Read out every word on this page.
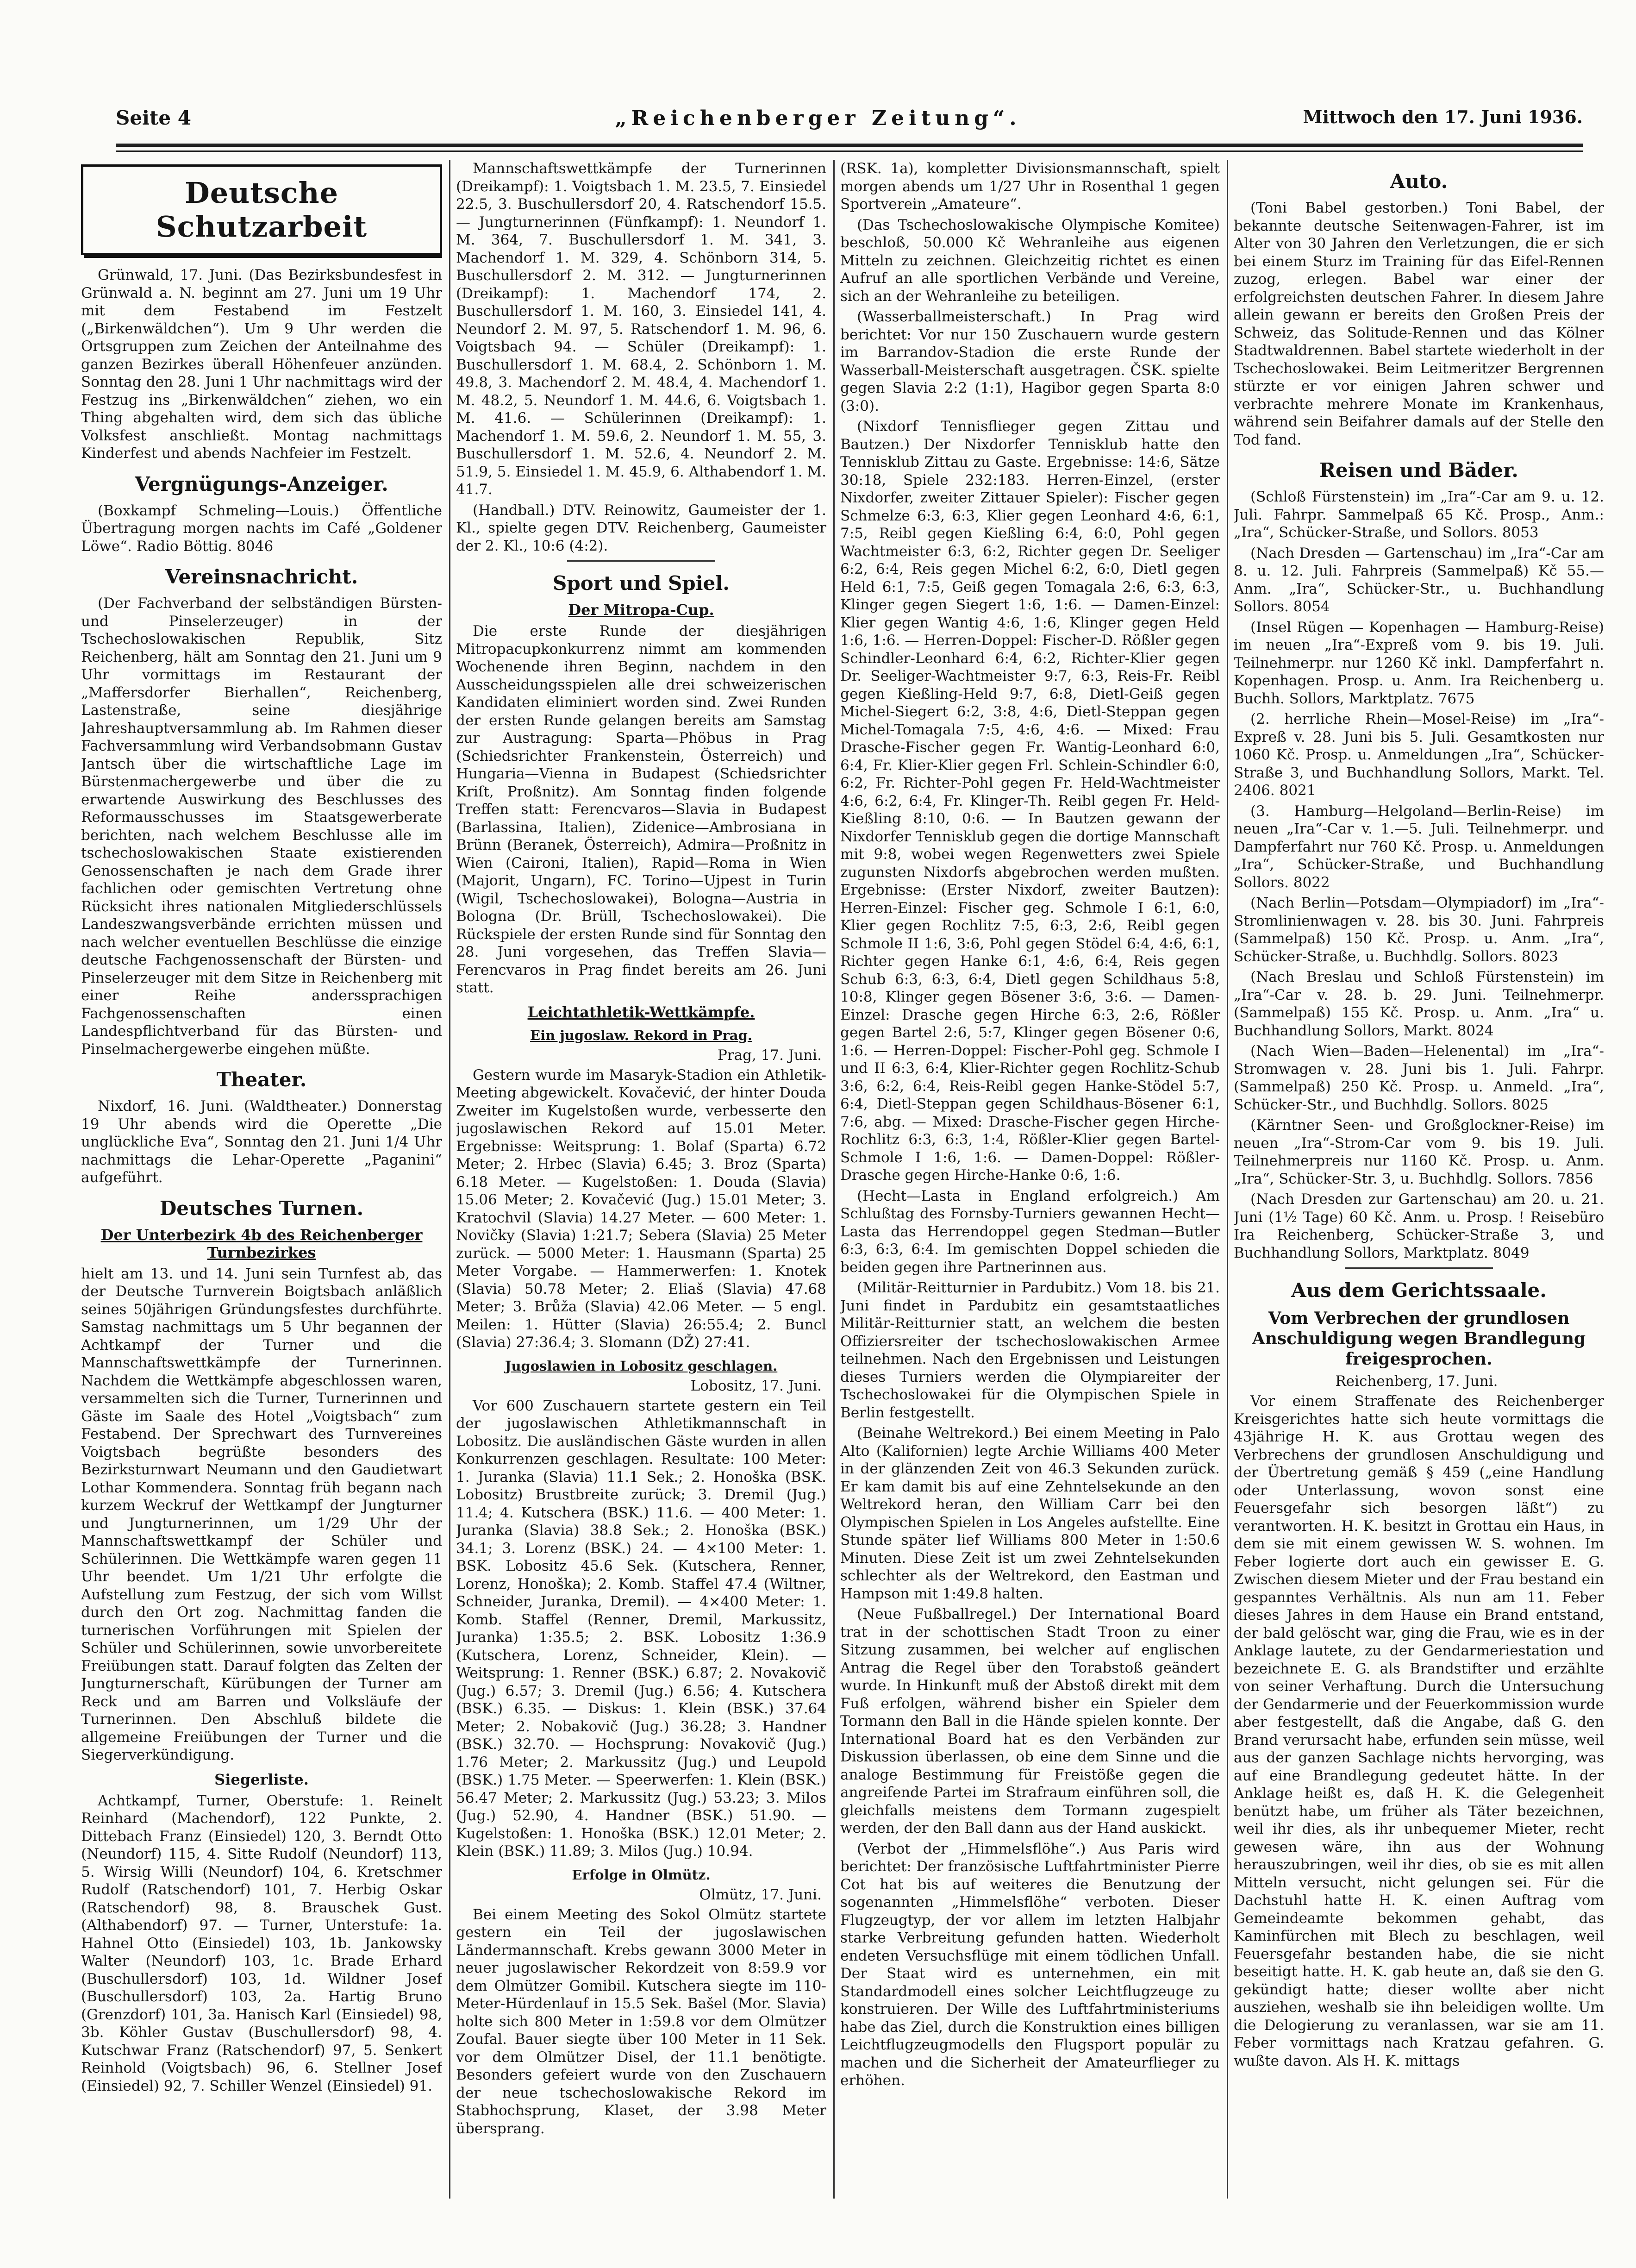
Seite 4	„Reichenberger Zeitung“.	Mittwoch den 17. Juni 1936.
Deutsche Schutzarbeit

Grünwald, 17. Juni. (Das Bezirksbundesfest in Grünwald a. N. beginnt am 27. Juni um 19 Uhr mit dem Festabend im Festzelt („Birkenwäldchen“). Um 9 Uhr werden die Ortsgruppen zum Zeichen der Anteilnahme des ganzen Bezirkes überall Höhenfeuer anzünden. Sonntag den 28. Juni 1 Uhr nachmittags wird der Festzug ins „Birkenwäldchen“ ziehen, wo ein Thing abgehalten wird, dem sich das übliche Volksfest anschließt. Montag nachmittags Kinderfest und abends Nachfeier im Festzelt.

Vergnügungs-Anzeiger.

(Boxkampf Schmeling—Louis.) Öffentliche Übertragung morgen nachts im Café „Goldener Löwe“. Radio Böttig. 8046

Vereinsnachricht.

(Der Fachverband der selbständigen Bürsten- und Pinselerzeuger) in der Tschechoslowakischen Republik, Sitz Reichenberg, hält am Sonntag den 21. Juni um 9 Uhr vormittags im Restaurant der „Maffersdorfer Bierhallen“, Reichenberg, Lastenstraße, seine diesjährige Jahreshauptversammlung ab. Im Rahmen dieser Fachversammlung wird Verbandsobmann Gustav Jantsch über die wirtschaftliche Lage im Bürstenmachergewerbe und über die zu erwartende Auswirkung des Beschlusses des Reformausschusses im Staatsgewerberate berichten, nach welchem Beschlusse alle im tschechoslowakischen Staate existierenden Genossenschaften je nach dem Grade ihrer fachlichen oder gemischten Vertretung ohne Rücksicht ihres nationalen Mitgliederschlüssels Landeszwangsverbände errichten müssen und nach welcher eventuellen Beschlüsse die einzige deutsche Fachgenossenschaft der Bürsten- und Pinselerzeuger mit dem Sitze in Reichenberg mit einer Reihe anderssprachigen Fachgenossenschaften einen Landespflichtverband für das Bürsten- und Pinselmachergewerbe eingehen müßte.

Theater.

Nixdorf, 16. Juni. (Waldtheater.) Donnerstag 19 Uhr abends wird die Operette „Die unglückliche Eva“, Sonntag den 21. Juni 1/4 Uhr nachmittags die Lehar-Operette „Paganini“ aufgeführt.

Deutsches Turnen.
Der Unterbezirk 4b des Reichenberger Turnbezirkes

hielt am 13. und 14. Juni sein Turnfest ab, das der Deutsche Turnverein Boigtsbach anläßlich seines 50jährigen Gründungsfestes durchführte. Samstag nachmittags um 5 Uhr begannen der Achtkampf der Turner und die Mannschaftswettkämpfe der Turnerinnen. Nachdem die Wettkämpfe abgeschlossen waren, versammelten sich die Turner, Turnerinnen und Gäste im Saale des Hotel „Voigtsbach“ zum Festabend. Der Sprechwart des Turnvereines Voigtsbach begrüßte besonders des Bezirksturnwart Neumann und den Gaudietwart Lothar Kommendera. Sonntag früh begann nach kurzem Weckruf der Wettkampf der Jungturner und Jungturnerinnen, um 1/29 Uhr der Mannschaftswettkampf der Schüler und Schülerinnen. Die Wettkämpfe waren gegen 11 Uhr beendet. Um 1/21 Uhr erfolgte die Aufstellung zum Festzug, der sich vom Willst durch den Ort zog. Nachmittag fanden die turnerischen Vorführungen mit Spielen der Schüler und Schülerinnen, sowie unvorbereitete Freiübungen statt. Darauf folgten das Zelten der Jungturnerschaft, Kürübungen der Turner am Reck und am Barren und Volksläufe der Turnerinnen. Den Abschluß bildete die allgemeine Freiübungen der Turner und die Siegerverkündigung.

Siegerliste.

Achtkampf, Turner, Oberstufe: 1. Reinelt Reinhard (Machendorf), 122 Punkte, 2. Dittebach Franz (Einsiedel) 120, 3. Berndt Otto (Neundorf) 115, 4. Sitte Rudolf (Neundorf) 113, 5. Wirsig Willi (Neundorf) 104, 6. Kretschmer Rudolf (Ratschendorf) 101, 7. Herbig Oskar (Ratschendorf) 98, 8. Brauschek Gust. (Althabendorf) 97. — Turner, Unterstufe: 1a. Hahnel Otto (Einsiedel) 103, 1b. Jankowsky Walter (Neundorf) 103, 1c. Brade Erhard (Buschullersdorf) 103, 1d. Wildner Josef (Buschullersdorf) 103, 2a. Hartig Bruno (Grenzdorf) 101, 3a. Hanisch Karl (Einsiedel) 98, 3b. Köhler Gustav (Buschullersdorf) 98, 4. Kutschwar Franz (Ratschendorf) 97, 5. Senkert Reinhold (Voigtsbach) 96, 6. Stellner Josef (Einsiedel) 92, 7. Schiller Wenzel (Einsiedel) 91.

Mannschaftswettkämpfe der Turnerinnen (Dreikampf): 1. Voigtsbach 1. M. 23.5, 7. Einsiedel 22.5, 3. Buschullersdorf 20, 4. Ratschendorf 15.5. — Jungturnerinnen (Fünfkampf): 1. Neundorf 1. M. 364, 7. Buschullersdorf 1. M. 341, 3. Machendorf 1. M. 329, 4. Schönborn 314, 5. Buschullersdorf 2. M. 312. — Jungturnerinnen (Dreikampf): 1. Machendorf 174, 2. Buschullersdorf 1. M. 160, 3. Einsiedel 141, 4. Neundorf 2. M. 97, 5. Ratschendorf 1. M. 96, 6. Voigtsbach 94. — Schüler (Dreikampf): 1. Buschullersdorf 1. M. 68.4, 2. Schönborn 1. M. 49.8, 3. Machendorf 2. M. 48.4, 4. Machendorf 1. M. 48.2, 5. Neundorf 1. M. 44.6, 6. Voigtsbach 1. M. 41.6. — Schülerinnen (Dreikampf): 1. Machendorf 1. M. 59.6, 2. Neundorf 1. M. 55, 3. Buschullersdorf 1. M. 52.6, 4. Neundorf 2. M. 51.9, 5. Einsiedel 1. M. 45.9, 6. Althabendorf 1. M. 41.7.

(Handball.) DTV. Reinowitz, Gaumeister der 1. Kl., spielte gegen DTV. Reichenberg, Gaumeister der 2. Kl., 10:6 (4:2).

Sport und Spiel.
Der Mitropa-Cup.

Die erste Runde der diesjährigen Mitropacupkonkurrenz nimmt am kommenden Wochenende ihren Beginn, nachdem in den Ausscheidungsspielen alle drei schweizerischen Kandidaten eliminiert worden sind. Zwei Runden der ersten Runde gelangen bereits am Samstag zur Austragung: Sparta—Phöbus in Prag (Schiedsrichter Frankenstein, Österreich) und Hungaria—Vienna in Budapest (Schiedsrichter Kriſt, Proßnitz). Am Sonntag finden folgende Treffen statt: Ferencvaros—Slavia in Budapest (Barlassina, Italien), Zidenice—Ambrosiana in Brünn (Beranek, Österreich), Admira—Proßnitz in Wien (Caironi, Italien), Rapid—Roma in Wien (Majorit, Ungarn), FC. Torino—Ujpest in Turin (Wigil, Tschechoslowakei), Bologna—Austria in Bologna (Dr. Brüll, Tschechoslowakei). Die Rückspiele der ersten Runde sind für Sonntag den 28. Juni vorgesehen, das Treffen Slavia—Ferencvaros in Prag findet bereits am 26. Juni statt.

Leichtathletik-Wettkämpfe.
Ein jugoslaw. Rekord in Prag.
Prag, 17. Juni.

Gestern wurde im Masaryk-Stadion ein Athletik-Meeting abgewickelt. Kovačević, der hinter Douda Zweiter im Kugelstoßen wurde, verbesserte den jugoslawischen Rekord auf 15.01 Meter. Ergebnisse: Weitsprung: 1. Bolaf (Sparta) 6.72 Meter; 2. Hrbec (Slavia) 6.45; 3. Broz (Sparta) 6.18 Meter. — Kugelstoßen: 1. Douda (Slavia) 15.06 Meter; 2. Kovačević (Jug.) 15.01 Meter; 3. Kratochvil (Slavia) 14.27 Meter. — 600 Meter: 1. Novičky (Slavia) 1:21.7; Sebera (Slavia) 25 Meter zurück. — 5000 Meter: 1. Hausmann (Sparta) 25 Meter Vorgabe. — Hammerwerfen: 1. Knotek (Slavia) 50.78 Meter; 2. Eliaš (Slavia) 47.68 Meter; 3. Brůža (Slavia) 42.06 Meter. — 5 engl. Meilen: 1. Hütter (Slavia) 26:55.4; 2. Buncl (Slavia) 27:36.4; 3. Slomann (DŽ) 27:41.

Jugoslawien in Lobositz geschlagen.
Lobositz, 17. Juni.

Vor 600 Zuschauern startete gestern ein Teil der jugoslawischen Athletikmannschaft in Lobositz. Die ausländischen Gäste wurden in allen Konkurrenzen geschlagen. Resultate: 100 Meter: 1. Juranka (Slavia) 11.1 Sek.; 2. Honoška (BSK. Lobositz) Brustbreite zurück; 3. Dremil (Jug.) 11.4; 4. Kutschera (BSK.) 11.6. — 400 Meter: 1. Juranka (Slavia) 38.8 Sek.; 2. Honoška (BSK.) 34.1; 3. Lorenz (BSK.) 24. — 4×100 Meter: 1. BSK. Lobositz 45.6 Sek. (Kutschera, Renner, Lorenz, Honoška); 2. Komb. Staffel 47.4 (Wiltner, Schneider, Juranka, Dremil). — 4×400 Meter: 1. Komb. Staffel (Renner, Dremil, Markussitz, Juranka) 1:35.5; 2. BSK. Lobositz 1:36.9 (Kutschera, Lorenz, Schneider, Klein). — Weitsprung: 1. Renner (BSK.) 6.87; 2. Novakovič (Jug.) 6.57; 3. Dremil (Jug.) 6.56; 4. Kutschera (BSK.) 6.35. — Diskus: 1. Klein (BSK.) 37.64 Meter; 2. Nobakovič (Jug.) 36.28; 3. Handner (BSK.) 32.70. — Hochsprung: Novakovič (Jug.) 1.76 Meter; 2. Markussitz (Jug.) und Leupold (BSK.) 1.75 Meter. — Speerwerfen: 1. Klein (BSK.) 56.47 Meter; 2. Markussitz (Jug.) 53.23; 3. Milos (Jug.) 52.90, 4. Handner (BSK.) 51.90. — Kugelstoßen: 1. Honoška (BSK.) 12.01 Meter; 2. Klein (BSK.) 11.89; 3. Milos (Jug.) 10.94.

Erfolge in Olmütz.
Olmütz, 17. Juni.

Bei einem Meeting des Sokol Olmütz startete gestern ein Teil der jugoslawischen Ländermannschaft. Krebs gewann 3000 Meter in neuer jugoslawischer Rekordzeit von 8:59.9 vor dem Olmützer Gomibil. Kutschera siegte im 110-Meter-Hürdenlauf in 15.5 Sek. Bašel (Mor. Slavia) holte sich 800 Meter in 1:59.8 vor dem Olmützer Zoufal. Bauer siegte über 100 Meter in 11 Sek. vor dem Olmützer Disel, der 11.1 benötigte. Besonders gefeiert wurde von den Zuschauern der neue tschechoslowakische Rekord im Stabhochsprung, Klaset, der 3.98 Meter übersprang.

(RSK. 1a), kompletter Divisionsmannschaft, spielt morgen abends um 1/27 Uhr in Rosenthal 1 gegen Sportverein „Amateure“.

(Das Tschechoslowakische Olympische Komitee) beschloß, 50.000 Kč Wehranleihe aus eigenen Mitteln zu zeichnen. Gleichzeitig richtet es einen Aufruf an alle sportlichen Verbände und Vereine, sich an der Wehranleihe zu beteiligen.

(Wasserballmeisterschaft.) In Prag wird berichtet: Vor nur 150 Zuschauern wurde gestern im Barrandov-Stadion die erste Runde der Wasserball-Meisterschaft ausgetragen. ČSK. spielte gegen Slavia 2:2 (1:1), Hagibor gegen Sparta 8:0 (3:0).

(Nixdorf Tennisflieger gegen Zittau und Bautzen.) Der Nixdorfer Tennisklub hatte den Tennisklub Zittau zu Gaste. Ergebnisse: 14:6, Sätze 30:18, Spiele 232:183. Herren-Einzel, (erster Nixdorfer, zweiter Zittauer Spieler): Fischer gegen Schmelze 6:3, 6:3, Klier gegen Leonhard 4:6, 6:1, 7:5, Reibl gegen Kießling 6:4, 6:0, Pohl gegen Wachtmeister 6:3, 6:2, Richter gegen Dr. Seeliger 6:2, 6:4, Reis gegen Michel 6:2, 6:0, Dietl gegen Held 6:1, 7:5, Geiß gegen Tomagala 2:6, 6:3, 6:3, Klinger gegen Siegert 1:6, 1:6. — Damen-Einzel: Klier gegen Wantig 4:6, 1:6, Klinger gegen Held 1:6, 1:6. — Herren-Doppel: Fischer-D. Rößler gegen Schindler-Leonhard 6:4, 6:2, Richter-Klier gegen Dr. Seeliger-Wachtmeister 9:7, 6:3, Reis-Fr. Reibl gegen Kießling-Held 9:7, 6:8, Dietl-Geiß gegen Michel-Siegert 6:2, 3:8, 4:6, Dietl-Steppan gegen Michel-Tomagala 7:5, 4:6, 4:6. — Mixed: Frau Drasche-Fischer gegen Fr. Wantig-Leonhard 6:0, 6:4, Fr. Klier-Klier gegen Frl. Schlein-Schindler 6:0, 6:2, Fr. Richter-Pohl gegen Fr. Held-Wachtmeister 4:6, 6:2, 6:4, Fr. Klinger-Th. Reibl gegen Fr. Held-Kießling 8:10, 0:6. — In Bautzen gewann der Nixdorfer Tennisklub gegen die dortige Mannschaft mit 9:8, wobei wegen Regenwetters zwei Spiele zugunsten Nixdorfs abgebrochen werden mußten. Ergebnisse: (Erster Nixdorf, zweiter Bautzen): Herren-Einzel: Fischer geg. Schmole I 6:1, 6:0, Klier gegen Rochlitz 7:5, 6:3, 2:6, Reibl gegen Schmole II 1:6, 3:6, Pohl gegen Stödel 6:4, 4:6, 6:1, Richter gegen Hanke 6:1, 4:6, 6:4, Reis gegen Schub 6:3, 6:3, 6:4, Dietl gegen Schildhaus 5:8, 10:8, Klinger gegen Bösener 3:6, 3:6. — Damen-Einzel: Drasche gegen Hirche 6:3, 2:6, Rößler gegen Bartel 2:6, 5:7, Klinger gegen Bösener 0:6, 1:6. — Herren-Doppel: Fischer-Pohl geg. Schmole I und II 6:3, 6:4, Klier-Richter gegen Rochlitz-Schub 3:6, 6:2, 6:4, Reis-Reibl gegen Hanke-Stödel 5:7, 6:4, Dietl-Steppan gegen Schildhaus-Bösener 6:1, 7:6, abg. — Mixed: Drasche-Fischer gegen Hirche-Rochlitz 6:3, 6:3, 1:4, Rößler-Klier gegen Bartel-Schmole I 1:6, 1:6. — Damen-Doppel: Rößler-Drasche gegen Hirche-Hanke 0:6, 1:6.

(Hecht—Lasta in England erfolgreich.) Am Schlußtag des Fornsby-Turniers gewannen Hecht—Lasta das Herrendoppel gegen Stedman—Butler 6:3, 6:3, 6:4. Im gemischten Doppel schieden die beiden gegen ihre Partnerinnen aus.

(Militär-Reitturnier in Pardubitz.) Vom 18. bis 21. Juni findet in Pardubitz ein gesamtstaatliches Militär-Reitturnier statt, an welchem die besten Offiziersreiter der tschechoslowakischen Armee teilnehmen. Nach den Ergebnissen und Leistungen dieses Turniers werden die Olympiareiter der Tschechoslowakei für die Olympischen Spiele in Berlin festgestellt.

(Beinahe Weltrekord.) Bei einem Meeting in Palo Alto (Kalifornien) legte Archie Williams 400 Meter in der glänzenden Zeit von 46.3 Sekunden zurück. Er kam damit bis auf eine Zehntelsekunde an den Weltrekord heran, den William Carr bei den Olympischen Spielen in Los Angeles aufstellte. Eine Stunde später lief Williams 800 Meter in 1:50.6 Minuten. Diese Zeit ist um zwei Zehntelsekunden schlechter als der Weltrekord, den Eastman und Hampson mit 1:49.8 halten.

(Neue Fußballregel.) Der International Board trat in der schottischen Stadt Troon zu einer Sitzung zusammen, bei welcher auf englischen Antrag die Regel über den Torabstoß geändert wurde. In Hinkunft muß der Abstoß direkt mit dem Fuß erfolgen, während bisher ein Spieler dem Tormann den Ball in die Hände spielen konnte. Der International Board hat es den Verbänden zur Diskussion überlassen, ob eine dem Sinne und die analoge Bestimmung für Freistöße gegen die angreifende Partei im Strafraum einführen soll, die gleichfalls meistens dem Tormann zugespielt werden, der den Ball dann aus der Hand auskickt.

(Verbot der „Himmelsflöhe“.) Aus Paris wird berichtet: Der französische Luftfahrtminister Pierre Cot hat bis auf weiteres die Benutzung der sogenannten „Himmelsflöhe“ verboten. Dieser Flugzeugtyp, der vor allem im letzten Halbjahr starke Verbreitung gefunden hatten. Wiederholt endeten Versuchsflüge mit einem tödlichen Unfall. Der Staat wird es unternehmen, ein mit Standardmodell eines solcher Leichtflugzeuge zu konstruieren. Der Wille des Luftfahrtministeriums habe das Ziel, durch die Konstruktion eines billigen Leichtflugzeugmodells den Flugsport populär zu machen und die Sicherheit der Amateurflieger zu erhöhen.

Auto.

(Toni Babel gestorben.) Toni Babel, der bekannte deutsche Seitenwagen-Fahrer, ist im Alter von 30 Jahren den Verletzungen, die er sich bei einem Sturz im Training für das Eifel-Rennen zuzog, erlegen. Babel war einer der erfolgreichsten deutschen Fahrer. In diesem Jahre allein gewann er bereits den Großen Preis der Schweiz, das Solitude-Rennen und das Kölner Stadtwaldrennen. Babel startete wiederholt in der Tschechoslowakei. Beim Leitmeritzer Bergrennen stürzte er vor einigen Jahren schwer und verbrachte mehrere Monate im Krankenhaus, während sein Beifahrer damals auf der Stelle den Tod fand.

Reisen und Bäder.

(Schloß Fürstenstein) im „Ira“-Car am 9. u. 12. Juli. Fahrpr. Sammelpaß 65 Kč. Prosp., Anm.: „Ira“, Schücker-Straße, und Sollors. 8053

(Nach Dresden — Gartenschau) im „Ira“-Car am 8. u. 12. Juli. Fahrpreis (Sammelpaß) Kč 55.— Anm. „Ira“, Schücker-Str., u. Buchhandlung Sollors. 8054

(Insel Rügen — Kopenhagen — Hamburg-Reise) im neuen „Ira“-Expreß vom 9. bis 19. Juli. Teilnehmerpr. nur 1260 Kč inkl. Dampferfahrt n. Kopenhagen. Prosp. u. Anm. Ira Reichenberg u. Buchh. Sollors, Marktplatz. 7675

(2. herrliche Rhein—Mosel-Reise) im „Ira“-Expreß v. 28. Juni bis 5. Juli. Gesamtkosten nur 1060 Kč. Prosp. u. Anmeldungen „Ira“, Schücker-Straße 3, und Buchhandlung Sollors, Markt. Tel. 2406. 8021

(3. Hamburg—Helgoland—Berlin-Reise) im neuen „Ira“-Car v. 1.—5. Juli. Teilnehmerpr. und Dampferfahrt nur 760 Kč. Prosp. u. Anmeldungen „Ira“, Schücker-Straße, und Buchhandlung Sollors. 8022

(Nach Berlin—Potsdam—Olympiadorf) im „Ira“-Stromlinienwagen v. 28. bis 30. Juni. Fahrpreis (Sammelpaß) 150 Kč. Prosp. u. Anm. „Ira“, Schücker-Straße, u. Buchhdlg. Sollors. 8023

(Nach Breslau und Schloß Fürstenstein) im „Ira“-Car v. 28. b. 29. Juni. Teilnehmerpr. (Sammelpaß) 155 Kč. Prosp. u. Anm. „Ira“ u. Buchhandlung Sollors, Markt. 8024

(Nach Wien—Baden—Helenental) im „Ira“-Stromwagen v. 28. Juni bis 1. Juli. Fahrpr. (Sammelpaß) 250 Kč. Prosp. u. Anmeld. „Ira“, Schücker-Str., und Buchhdlg. Sollors. 8025

(Kärntner Seen- und Großglockner-Reise) im neuen „Ira“-Strom-Car vom 9. bis 19. Juli. Teilnehmerpreis nur 1160 Kč. Prosp. u. Anm. „Ira“, Schücker-Str. 3, u. Buchhdlg. Sollors. 7856

(Nach Dresden zur Gartenschau) am 20. u. 21. Juni (1½ Tage) 60 Kč. Anm. u. Prosp. ! Reisebüro Ira Reichenberg, Schücker-Straße 3, und Buchhandlung Sollors, Marktplatz. 8049

Aus dem Gerichtssaale.
Vom Verbrechen der grundlosen Anschuldigung wegen Brandlegung freigesprochen.
Reichenberg, 17. Juni.

Vor einem Straffenate des Reichenberger Kreisgerichtes hatte sich heute vormittags die 43jährige H. K. aus Grottau wegen des Verbrechens der grundlosen Anschuldigung und der Übertretung gemäß § 459 („eine Handlung oder Unterlassung, wovon sonst eine Feuersgefahr sich besorgen läßt“) zu verantworten. H. K. besitzt in Grottau ein Haus, in dem sie mit einem gewissen W. S. wohnen. Im Feber logierte dort auch ein gewisser E. G. Zwischen diesem Mieter und der Frau bestand ein gespanntes Verhältnis. Als nun am 11. Feber dieses Jahres in dem Hause ein Brand entstand, der bald gelöscht war, ging die Frau, wie es in der Anklage lautete, zu der Gendarmeriestation und bezeichnete E. G. als Brandstifter und erzählte von seiner Verhaftung. Durch die Untersuchung der Gendarmerie und der Feuerkommission wurde aber festgestellt, daß die Angabe, daß G. den Brand verursacht habe, erfunden sein müsse, weil aus der ganzen Sachlage nichts hervorging, was auf eine Brandlegung gedeutet hätte. In der Anklage heißt es, daß H. K. die Gelegenheit benützt habe, um früher als Täter bezeichnen, weil ihr dies, als ihr unbequemer Mieter, recht gewesen wäre, ihn aus der Wohnung herauszubringen, weil ihr dies, ob sie es mit allen Mitteln versucht, nicht gelungen sei. Für die Dachstuhl hatte H. K. einen Auftrag vom Gemeindeamte bekommen gehabt, das Kaminfürchen mit Blech zu beschlagen, weil Feuersgefahr bestanden habe, die sie nicht beseitigt hatte. H. K. gab heute an, daß sie den G. gekündigt hatte; dieser wollte aber nicht ausziehen, weshalb sie ihn beleidigen wollte. Um die Delogierung zu veranlassen, war sie am 11. Feber vormittags nach Kratzau gefahren. G. wußte davon. Als H. K. mittags
